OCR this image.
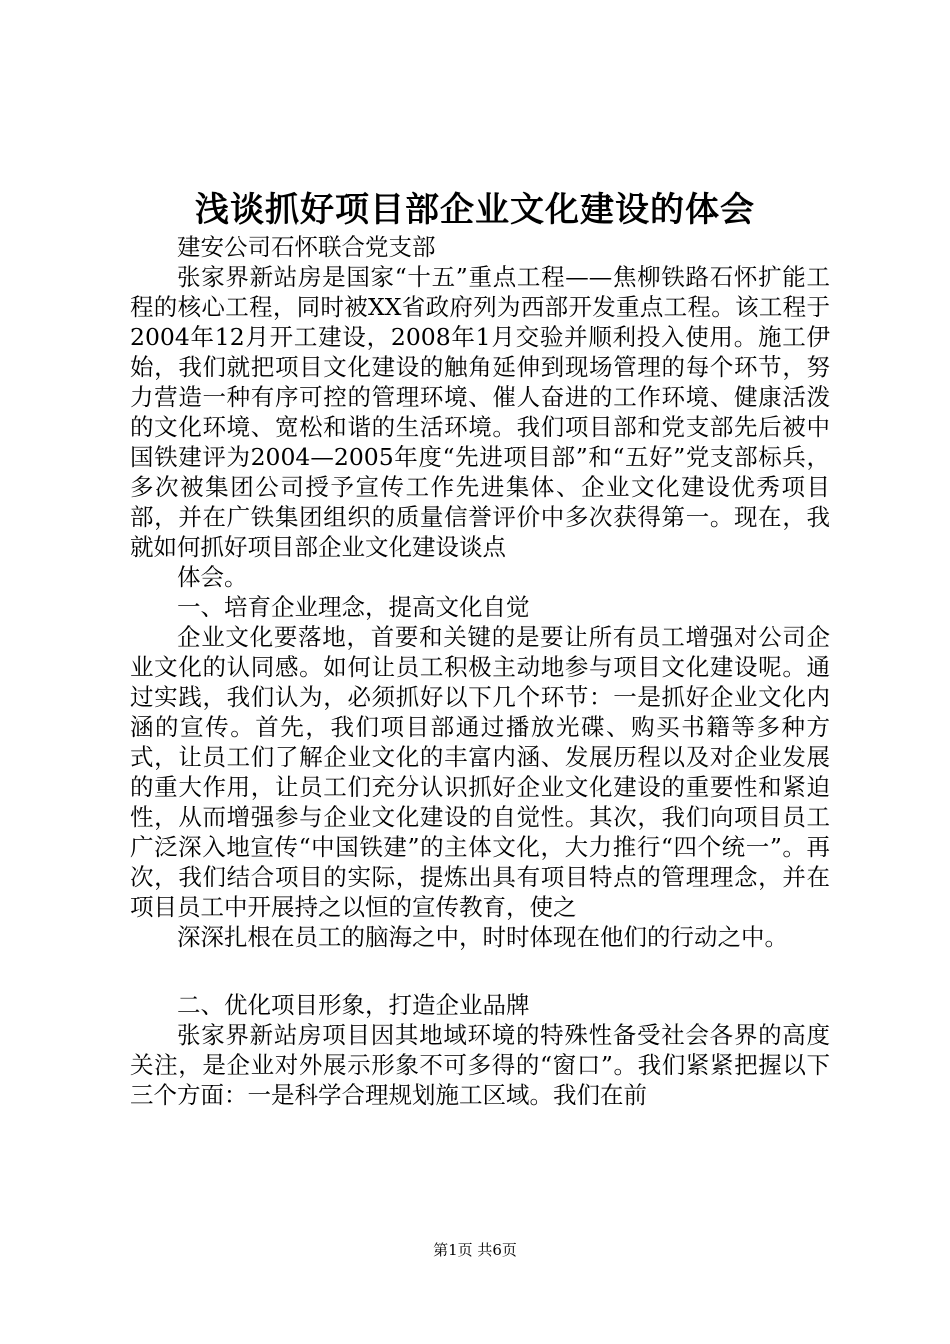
浅谈抓好项目部企业文化建设的体会

建安公司石怀联合党支部

张家界新站房是国家“十五”重点工程——焦柳铁路石怀扩能工程的核心工程，同时被XX省政府列为西部开发重点工程。该工程于2004年12月开工建设，2008年1月交验并顺利投入使用。施工伊始，我们就把项目文化建设的触角延伸到现场管理的每个环节，努力营造一种有序可控的管理环境、催人奋进的工作环境、健康活泼的文化环境、宽松和谐的生活环境。我们项目部和党支部先后被中国铁建评为2004—2005年度“先进项目部”和“五好”党支部标兵，多次被集团公司授予宣传工作先进集体、企业文化建设优秀项目部，并在广铁集团组织的质量信誉评价中多次获得第一。现在，我就如何抓好项目部企业文化建设谈点

体会。

一、培育企业理念，提高文化自觉

企业文化要落地，首要和关键的是要让所有员工增强对公司企业文化的认同感。如何让员工积极主动地参与项目文化建设呢。通过实践，我们认为，必须抓好以下几个环节：一是抓好企业文化内涵的宣传。首先，我们项目部通过播放光碟、购买书籍等多种方式，让员工们了解企业文化的丰富内涵、发展历程以及对企业发展的重大作用，让员工们充分认识抓好企业文化建设的重要性和紧迫性，从而增强参与企业文化建设的自觉性。其次，我们向项目员工广泛深入地宣传“中国铁建”的主体文化，大力推行“四个统一”。再次，我们结合项目的实际，提炼出具有项目特点的管理理念，并在项目员工中开展持之以恒的宣传教育，使之

深深扎根在员工的脑海之中，时时体现在他们的行动之中。

二、优化项目形象，打造企业品牌

张家界新站房项目因其地域环境的特殊性备受社会各界的高度关注，是企业对外展示形象不可多得的“窗口”。我们紧紧把握以下三个方面：一是科学合理规划施工区域。我们在前

第1页 共6页
